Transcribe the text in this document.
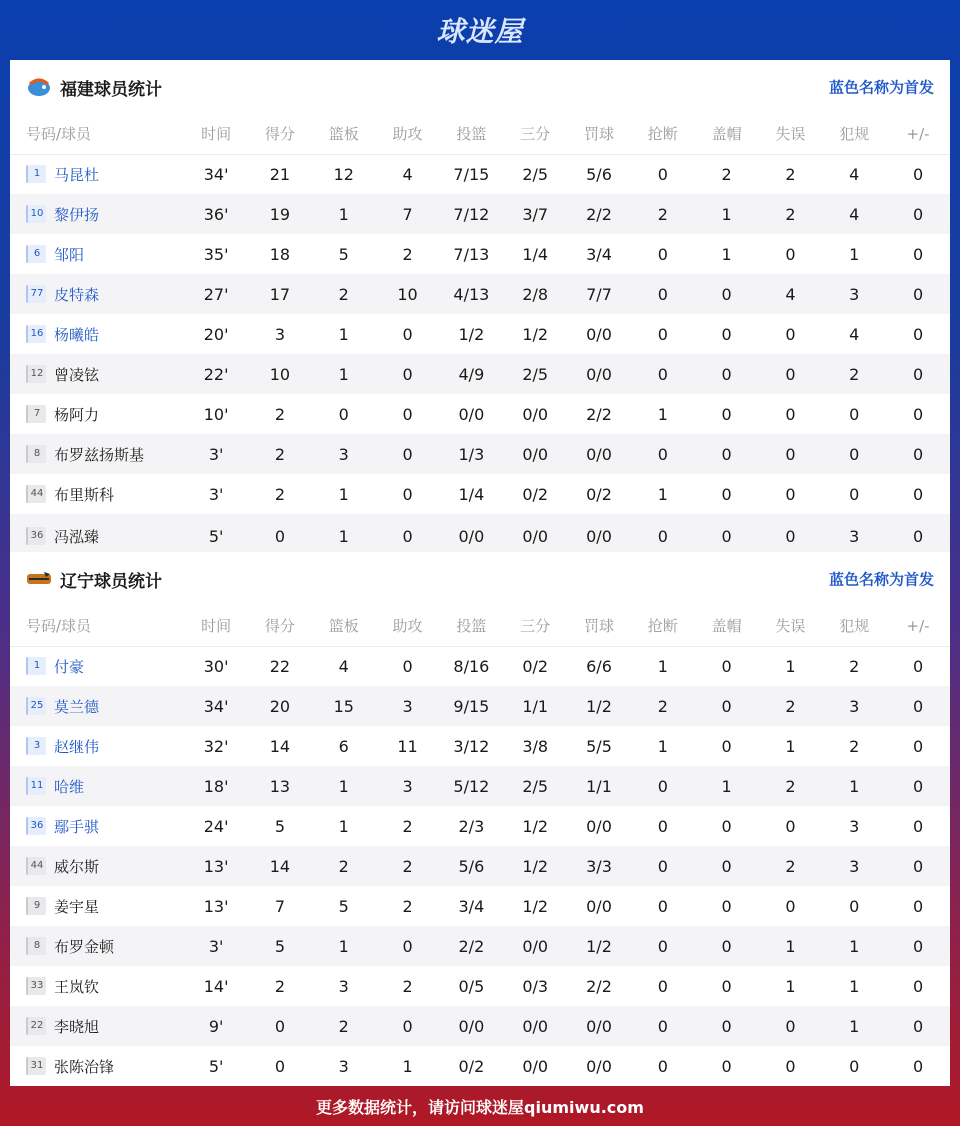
球迷屋
福建球员统计	蓝色名称为首发
号码/球员	时间	得分	篮板	助攻	投篮	三分	罚球	抢断	盖帽	失误	犯规	+/-
1 马昆杜	34'	21	12	4	7/15	2/5	5/6	0	2	2	4	0
10 黎伊扬	36'	19	1	7	7/12	3/7	2/2	2	1	2	4	0
6 邹阳	35'	18	5	2	7/13	1/4	3/4	0	1	0	1	0
77 皮特森	27'	17	2	10	4/13	2/8	7/7	0	0	4	3	0
16 杨曦皓	20'	3	1	0	1/2	1/2	0/0	0	0	0	4	0
12 曾凌铉	22'	10	1	0	4/9	2/5	0/0	0	0	0	2	0
7 杨阿力	10'	2	0	0	0/0	0/0	2/2	1	0	0	0	0
8 布罗兹扬斯基	3'	2	3	0	1/3	0/0	0/0	0	0	0	0	0
44 布里斯科	3'	2	1	0	1/4	0/2	0/2	1	0	0	0	0
36 冯泓臻	5'	0	1	0	0/0	0/0	0/0	0	0	0	3	0
辽宁球员统计	蓝色名称为首发
号码/球员	时间	得分	篮板	助攻	投篮	三分	罚球	抢断	盖帽	失误	犯规	+/-
1 付豪	30'	22	4	0	8/16	0/2	6/6	1	0	1	2	0
25 莫兰德	34'	20	15	3	9/15	1/1	1/2	2	0	2	3	0
3 赵继伟	32'	14	6	11	3/12	3/8	5/5	1	0	1	2	0
11 哈维	18'	13	1	3	5/12	2/5	1/1	0	1	2	1	0
36 鄢手骐	24'	5	1	2	2/3	1/2	0/0	0	0	0	3	0
44 威尔斯	13'	14	2	2	5/6	1/2	3/3	0	0	2	3	0
9 姜宇星	13'	7	5	2	3/4	1/2	0/0	0	0	0	0	0
8 布罗金顿	3'	5	1	0	2/2	0/0	1/2	0	0	1	1	0
33 王岚钦	14'	2	3	2	0/5	0/3	2/2	0	0	1	1	0
22 李晓旭	9'	0	2	0	0/0	0/0	0/0	0	0	0	1	0
31 张陈治锋	5'	0	3	1	0/2	0/0	0/0	0	0	0	0	0
更多数据统计，请访问球迷屋qiumiwu.com
